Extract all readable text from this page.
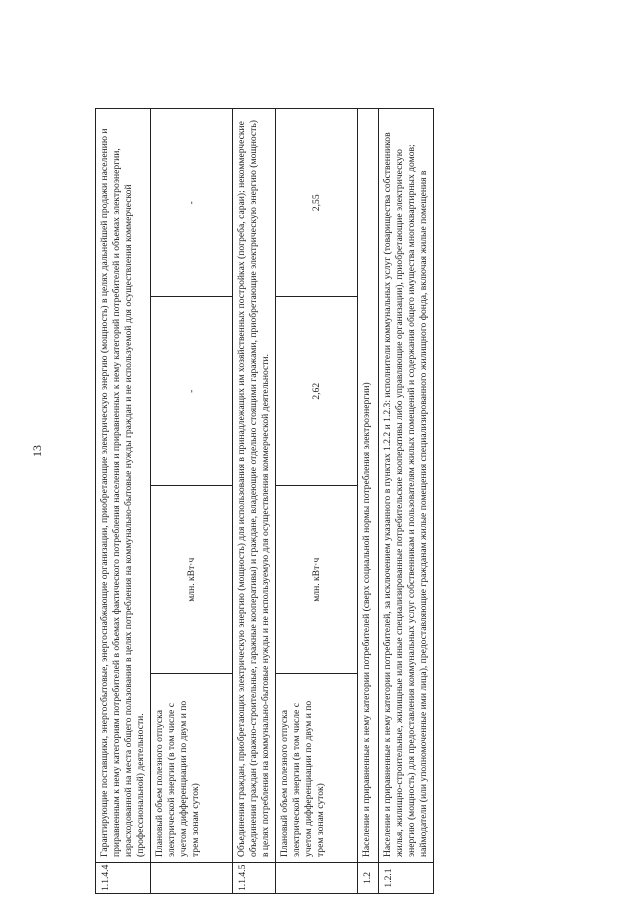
13
1.1.4.4	Гарантирующие поставщики, энергосбытовые, энергоснабжающие организации, приобретающие электрическую энергию (мощность) в целях дальнейшей продажи населению и приравненным к нему категориям потребителей в объемах фактического потребления населения и приравненных к нему категорий потребителей и объемах электроэнергии, израсходованной на места общего пользования в целях потребления на коммунально-бытовые нужды граждан и не используемой для осуществления коммерческой (профессиональной) деятельности.			
	Плановый объем полезного отпуска электрической энергии (в том числе с учетом дифференциации по двум и по трем зонам суток)	млн. кВт·ч	-	-
1.1.4.5	Объединения граждан, приобретающих электрическую энергию (мощность) для использования в принадлежащих им хозяйственных постройках (погреба, сараи); некоммерческие объединения граждан (гаражно-строительные, гаражные кооперативы) и граждане, владеющие отдельно стоящими гаражами, приобретающие электрическую энергию (мощность) в целях потребления на коммунально-бытовые нужды и не используемую для осуществления коммерческой деятельности.			
	Плановый объем полезного отпуска электрической энергии (в том числе с учетом дифференциации по двум и по трем зонам суток)	млн. кВт·ч	2,62	2,55
1.2	Население и приравненные к нему категории потребителей (сверх социальной нормы потребления электроэнергии)			
1.2.1	Население и приравненные к нему категории потребителей, за исключением указанного в пунктах 1.2.2 и 1.2.3: исполнители коммунальных услуг (товарищества собственников жилья, жилищно-строительные, жилищные или иные специализированные потребительские кооперативы либо управляющие организации), приобретающие электрическую энергию (мощность) для предоставления коммунальных услуг собственникам и пользователям жилых помещений и содержания общего имущества многоквартирных домов; наймодатели (или уполномоченные ими лица), предоставляющие гражданам жилые помещения специализированного жилищного фонда, включая жилые помещения в			
